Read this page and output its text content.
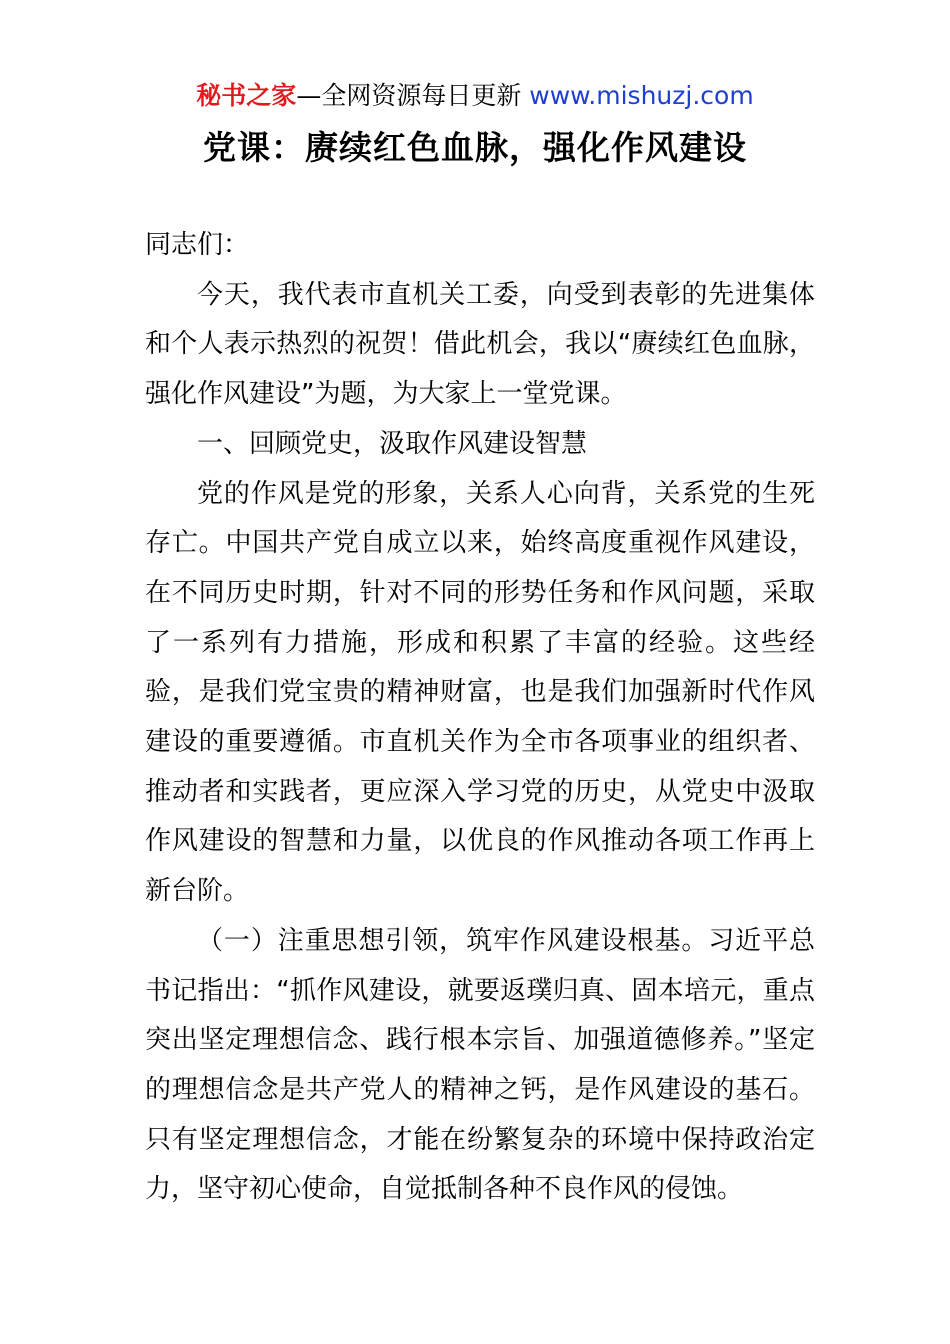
秘书之家—全网资源每日更新 www.mishuzj.com
党课：赓续红色血脉，强化作风建设

同志们：

今天，我代表市直机关工委，向受到表彰的先进集体和个人表示热烈的祝贺！借此机会，我以“赓续红色血脉，强化作风建设”为题，为大家上一堂党课。

一、回顾党史，汲取作风建设智慧

党的作风是党的形象，关系人心向背，关系党的生死存亡。中国共产党自成立以来，始终高度重视作风建设，在不同历史时期，针对不同的形势任务和作风问题，采取了一系列有力措施，形成和积累了丰富的经验。这些经验，是我们党宝贵的精神财富，也是我们加强新时代作风建设的重要遵循。市直机关作为全市各项事业的组织者、推动者和实践者，更应深入学习党的历史，从党史中汲取作风建设的智慧和力量，以优良的作风推动各项工作再上新台阶。

（一）注重思想引领，筑牢作风建设根基。习近平总书记指出：“抓作风建设，就要返璞归真、固本培元，重点突出坚定理想信念、践行根本宗旨、加强道德修养。”坚定的理想信念是共产党人的精神之钙，是作风建设的基石。只有坚定理想信念，才能在纷繁复杂的环境中保持政治定力，坚守初心使命，自觉抵制各种不良作风的侵蚀。
